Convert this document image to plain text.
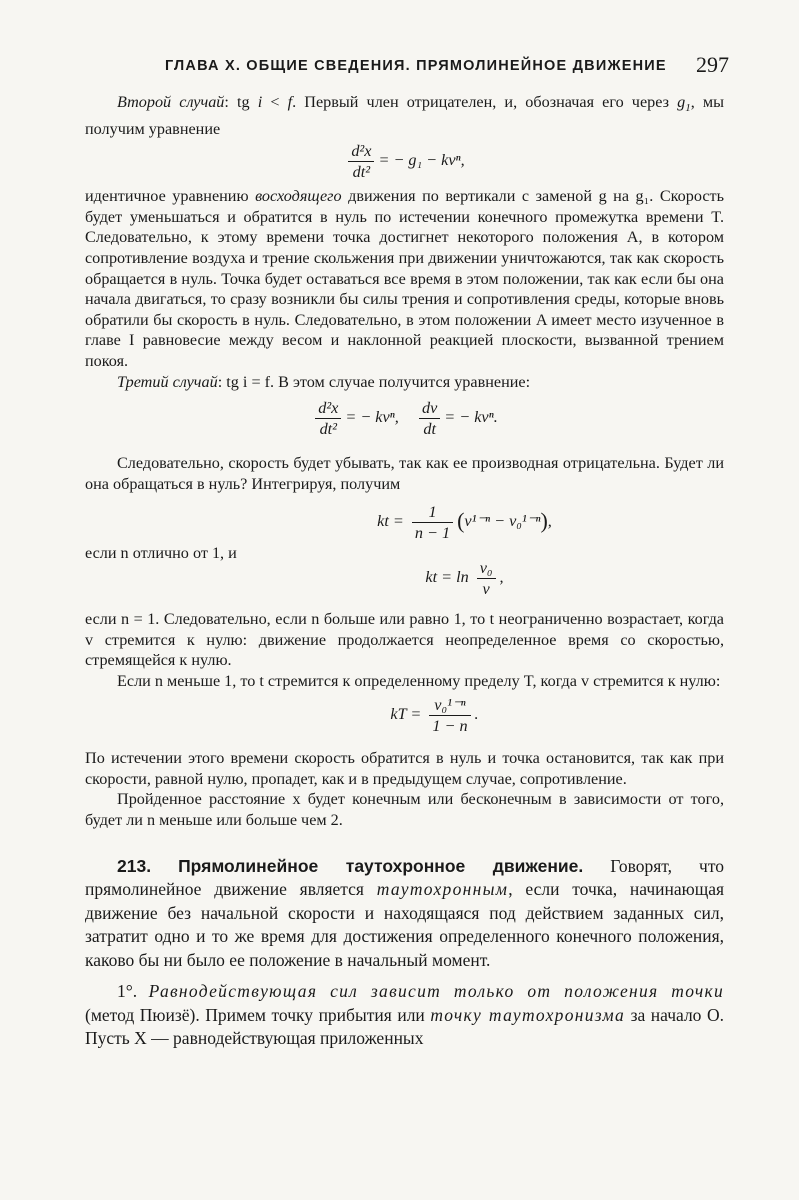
ГЛАВА X. ОБЩИЕ СВЕДЕНИЯ. ПРЯМОЛИНЕЙНОЕ ДВИЖЕНИЕ 297

Второй случай: tg i < f. Первый член отрицателен, и, обозначая его через $g_1$, мы получим уравнение

$\frac{\text{d²x}}{\text{dt²}}$ = − g₁ − kvⁿ,

идентичное уравнению восходящего движения по вертикали с заменой g на g₁. Скорость будет уменьшаться и обратится в нуль по истечении конечного промежутка времени T. Следовательно, к этому времени точка достигнет некоторого положения A, в котором сопротивление воздуха и трение скольжения при движении уничтожаются, так как скорость обращается в нуль. Точка будет оставаться все время в этом положении, так как если бы она начала двигаться, то сразу возникли бы силы трения и сопротивления среды, которые вновь обратили бы скорость в нуль. Следовательно, в этом положении A имеет место изученное в главе I равновесие между весом и наклонной реакцией плоскости, вызванной трением покоя.

Третий случай: tg i = f. В этом случае получится уравнение:

$\frac{\text{d²x}}{\text{dt²}}$ = − kvⁿ, $\frac{dv}{dt}$ = − kvⁿ.

Следовательно, скорость будет убывать, так как ее производная отрицательна. Будет ли она обращаться в нуль? Интегрируя, получим

kt = $\frac{1}{n - 1} (v^{1-n} - v_0^{1-n})$,

если n отлично от 1, и

kt = $\ln \frac{\text{v₀}}{v}$ ,

если n = 1. Следовательно, если n больше или равно 1, то t неограниченно возрастает, когда v стремится к нулю: движение продолжается неопределенное время со скоростью, стремящейся к нулю.

Если n меньше 1, то t стремится к определенному пределу T, когда v стремится к нулю:

kT = $\frac{\text{v₀¹⁻ⁿ}}{1 - n}$ .

По истечении этого времени скорость обратится в нуль и точка остановится, так как при скорости, равной нулю, пропадет, как и в предыдущем случае, сопротивление.

Пройденное расстояние x будет конечным или бесконечным в зависимости от того, будет ли n меньше или больше чем 2.

213. Прямолинейное таутохронное движение. Говорят, что прямолинейное движение является таутохронным, если точка, начинающая движение без начальной скорости и находящаяся под действием заданных сил, затратит одно и то же время для достижения определенного конечного положения, каково бы ни было ее положение в начальный момент.

1°. Равнодействующая сил зависит только от положения точки (метод Пюизё). Примем точку прибытия или точку таутохронизма за начало O. Пусть X — равнодействующая приложенных
